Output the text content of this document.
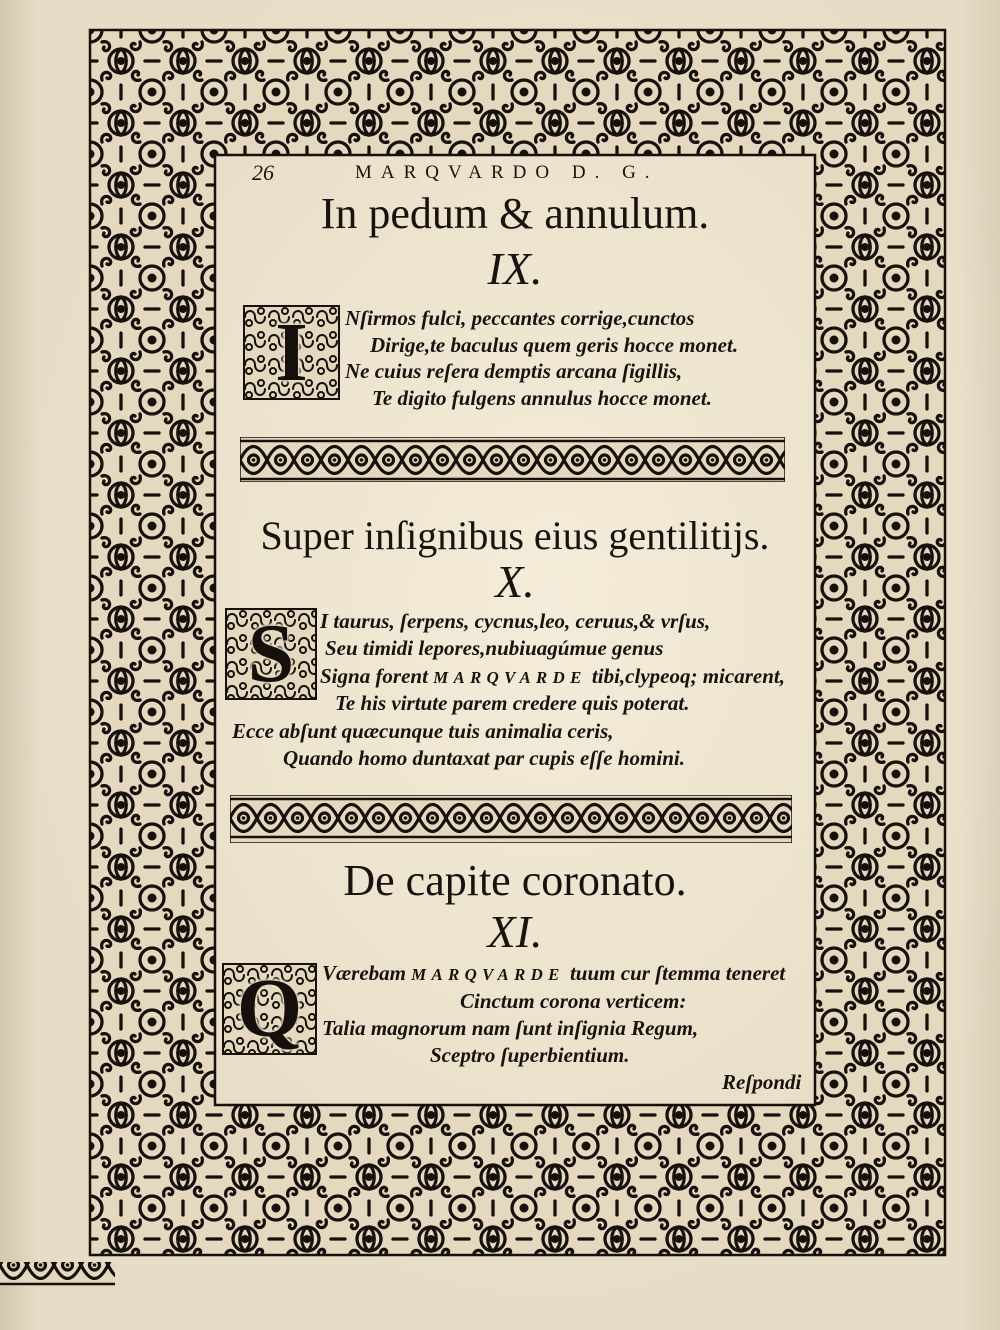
26	MARQVARDO D. G.
In pedum & annulum.
IX.
I	Nſirmos fulci, peccantes corrige,cunctos
Dirige,te baculus quem geris hocce monet.
Ne cuius reſera demptis arcana ſigillis,
Te digito fulgens annulus hocce monet.
Super inſignibus eius gentilitijs.
X.
S	I taurus, ſerpens, cycnus,leo, ceruus,& vrſus,
Seu timidi lepores,nubiuagúmue genus
Signa forent MARQVARDE tibi,clypeoq; micarent,
Te his virtute parem credere quis poterat.
Ecce abſunt quæcunque tuis animalia ceris,
Quando homo duntaxat par cupis eſſe homini.
De capite coronato.
XI.
Q Værebam MARQVARDE tuum cur ſtemma teneret
Cinctum corona verticem:
Talia magnorum nam ſunt inſignia Regum,
Sceptro ſuperbientium.
Reſpondi
